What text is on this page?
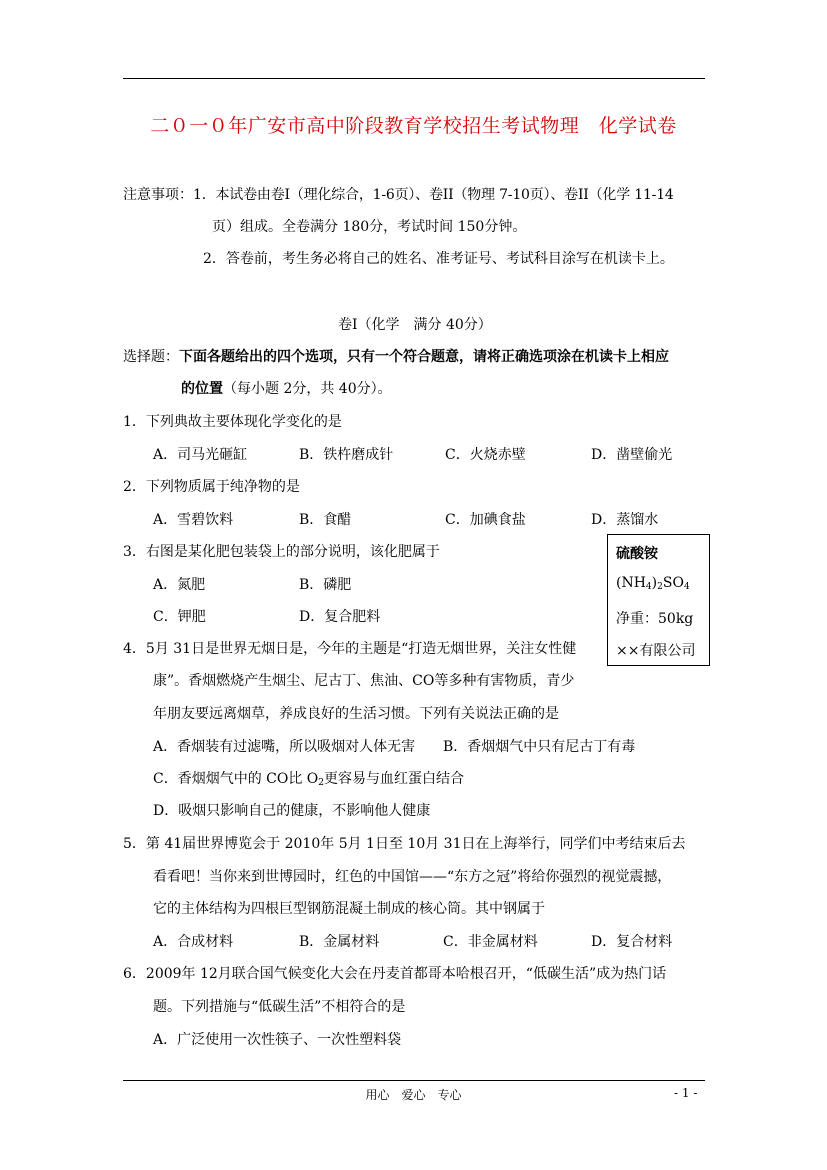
二０一０年广安市高中阶段教育学校招生考试物理　化学试卷
注意事项： 1．本试卷由卷Ⅰ（理化综合，1-6页）、卷II（物理 7-10页）、卷II（化学 11-14
页）组成。全卷满分 180分，考试时间 150分钟。
2．答卷前，考生务必将自己的姓名、准考证号、考试科目涂写在机读卡上。
卷Ⅰ（化学　满分 40分）
选择题：下面各题给出的四个选项，只有一个符合题意，请将正确选项涂在机读卡上相应
的位置（每小题 2分，共 40分）。
1．下列典故主要体现化学变化的是
A．司马光砸缸	B．铁杵磨成针	C．火烧赤壁	D．凿壁偷光
2．下列物质属于纯净物的是
A．雪碧饮料	B．食醋	C．加碘食盐	D．蒸馏水
3．右图是某化肥包装袋上的部分说明，该化肥属于
A．氮肥	B．磷肥
C．钾肥	D．复合肥料
硫酸铵
$(NH_4)_2SO_4$
净重：50kg
××有限公司
4．5月 31日是世界无烟日是，今年的主题是“打造无烟世界，关注女性健
康”。香烟燃烧产生烟尘、尼古丁、焦油、CO等多种有害物质，青少
年朋友要远离烟草，养成良好的生活习惯。下列有关说法正确的是
A．香烟装有过滤嘴，所以吸烟对人体无害 B．香烟烟气中只有尼古丁有毒
C．香烟烟气中的 CO比 $O_2$更容易与血红蛋白结合
D．吸烟只影响自己的健康，不影响他人健康
5．第 41届世界博览会于 2010年 5月 1日至 10月 31日在上海举行，同学们中考结束后去
看看吧！当你来到世博园时，红色的中国馆——“东方之冠”将给你强烈的视觉震撼，
它的主体结构为四根巨型钢筋混凝土制成的核心筒。其中钢属于
A．合成材料	B．金属材料	C．非金属材料	D．复合材料
6．2009年 12月联合国气候变化大会在丹麦首都哥本哈根召开，“低碳生活”成为热门话
题。下列措施与“低碳生活”不相符合的是
A．广泛使用一次性筷子、一次性塑料袋
用心　爱心　专心	- 1 -
